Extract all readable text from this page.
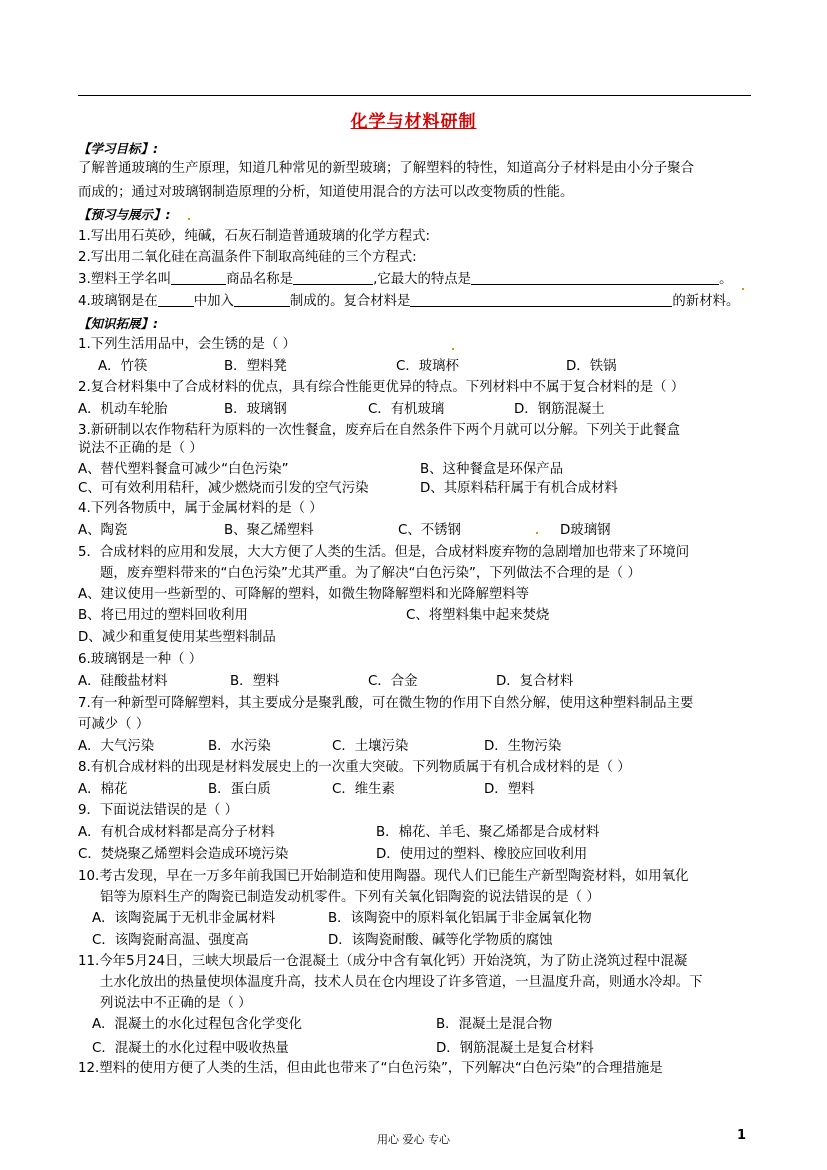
化学与材料研制
【学习目标】:
了解普通玻璃的生产原理，知道几种常见的新型玻璃；了解塑料的特性，知道高分子材料是由小分子聚合
而成的；通过对玻璃钢制造原理的分析，知道使用混合的方法可以改变物质的性能。
【预习与展示】:
1.写出用石英砂，纯碱，石灰石制造普通玻璃的化学方程式:
2.写出用二氧化硅在高温条件下制取高纯硅的三个方程式:
3.塑料王学名叫	商品名称是	,它最大的特点是	。
4.玻璃钢是在	中加入	制成的。复合材料是	的新材料。
【知识拓展】:
1.下列生活用品中，会生锈的是（ ）
A．竹筷	B．塑料凳	C．玻璃杯	D．铁锅
2.复合材料集中了合成材料的优点，具有综合性能更优异的特点。下列材料中不属于复合材料的是（ ）
A．机动车轮胎	B．玻璃钢	C．有机玻璃	D．钢筋混凝土
3.新研制以农作物秸秆为原料的一次性餐盒，废弃后在自然条件下两个月就可以分解。下列关于此餐盒
说法不正确的是（ ）
A、替代塑料餐盒可减少“白色污染”	B、这种餐盒是环保产品
C、可有效利用秸秆，减少燃烧而引发的空气污染	D、其原料秸秆属于有机合成材料
4.下列各物质中，属于金属材料的是（ ）
A、陶瓷	B、聚乙烯塑料	C、不锈钢	D玻璃钢
5．合成材料的应用和发展，大大方便了人类的生活。但是，合成材料废弃物的急剧增加也带来了环境问
题，废弃塑料带来的“白色污染”尤其严重。为了解决“白色污染”，下列做法不合理的是（ ）
A、建议使用一些新型的、可降解的塑料，如微生物降解塑料和光降解塑料等
B、将已用过的塑料回收利用	C、将塑料集中起来焚烧
D、减少和重复使用某些塑料制品
6.玻璃钢是一种（ ）
A．硅酸盐材料	B．塑料	C．合金	D．复合材料
7.有一种新型可降解塑料，其主要成分是聚乳酸，可在微生物的作用下自然分解，使用这种塑料制品主要
可减少（ ）
A．大气污染	B．水污染	C．土壤污染	D．生物污染
8.有机合成材料的出现是材料发展史上的一次重大突破。下列物质属于有机合成材料的是（ ）
A．棉花	B．蛋白质	C．维生素	D．塑料
9．下面说法错误的是（ ）
A．有机合成材料都是高分子材料	B．棉花、羊毛、聚乙烯都是合成材料
C．焚烧聚乙烯塑料会造成环境污染	D．使用过的塑料、橡胶应回收利用
10.考古发现，早在一万多年前我国已开始制造和使用陶器。现代人们已能生产新型陶瓷材料，如用氧化
铝等为原料生产的陶瓷已制造发动机零件。下列有关氧化铝陶瓷的说法错误的是（ ）
A．该陶瓷属于无机非金属材料	B．该陶瓷中的原料氧化铝属于非金属氧化物
C．该陶瓷耐高温、强度高	D．该陶瓷耐酸、碱等化学物质的腐蚀
11.今年5月24日，三峡大坝最后一仓混凝土（成分中含有氧化钙）开始浇筑，为了防止浇筑过程中混凝
土水化放出的热量使坝体温度升高，技术人员在仓内埋设了许多管道，一旦温度升高，则通水冷却。下
列说法中不正确的是（ ）
A．混凝土的水化过程包含化学变化	B．混凝土是混合物
C．混凝土的水化过程中吸收热量	D．钢筋混凝土是复合材料
12.塑料的使用方便了人类的生活，但由此也带来了“白色污染”，下列解决“白色污染”的合理措施是
用心 爱心 专心	1
